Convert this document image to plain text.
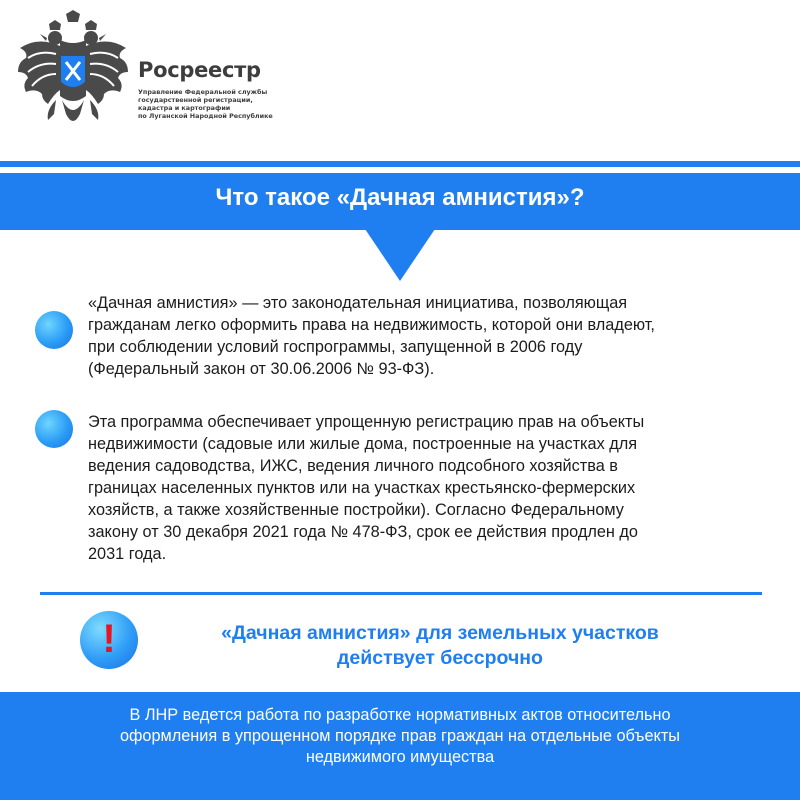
Росреестр
Управление Федеральной службы
государственной регистрации,
кадастра и картографии
по Луганской Народной Республике
Что такое «Дачная амнистия»?
«Дачная амнистия» — это законодательная инициатива, позволяющая
гражданам легко оформить права на недвижимость, которой они владеют,
при соблюдении условий госпрограммы, запущенной в 2006 году
(Федеральный закон от 30.06.2006 № 93-ФЗ).
Эта программа обеспечивает упрощенную регистрацию прав на объекты
недвижимости (садовые или жилые дома, построенные на участках для
ведения садоводства, ИЖС, ведения личного подсобного хозяйства в
границах населенных пунктов или на участках крестьянско-фермерских
хозяйств, а также хозяйственные постройки). Согласно Федеральному
закону от 30 декабря 2021 года № 478-ФЗ, срок ее действия продлен до
2031 года.
!	«Дачная амнистия» для земельных участков
действует бессрочно
В ЛНР ведется работа по разработке нормативных актов относительно
оформления в упрощенном порядке прав граждан на отдельные объекты
недвижимого имущества
